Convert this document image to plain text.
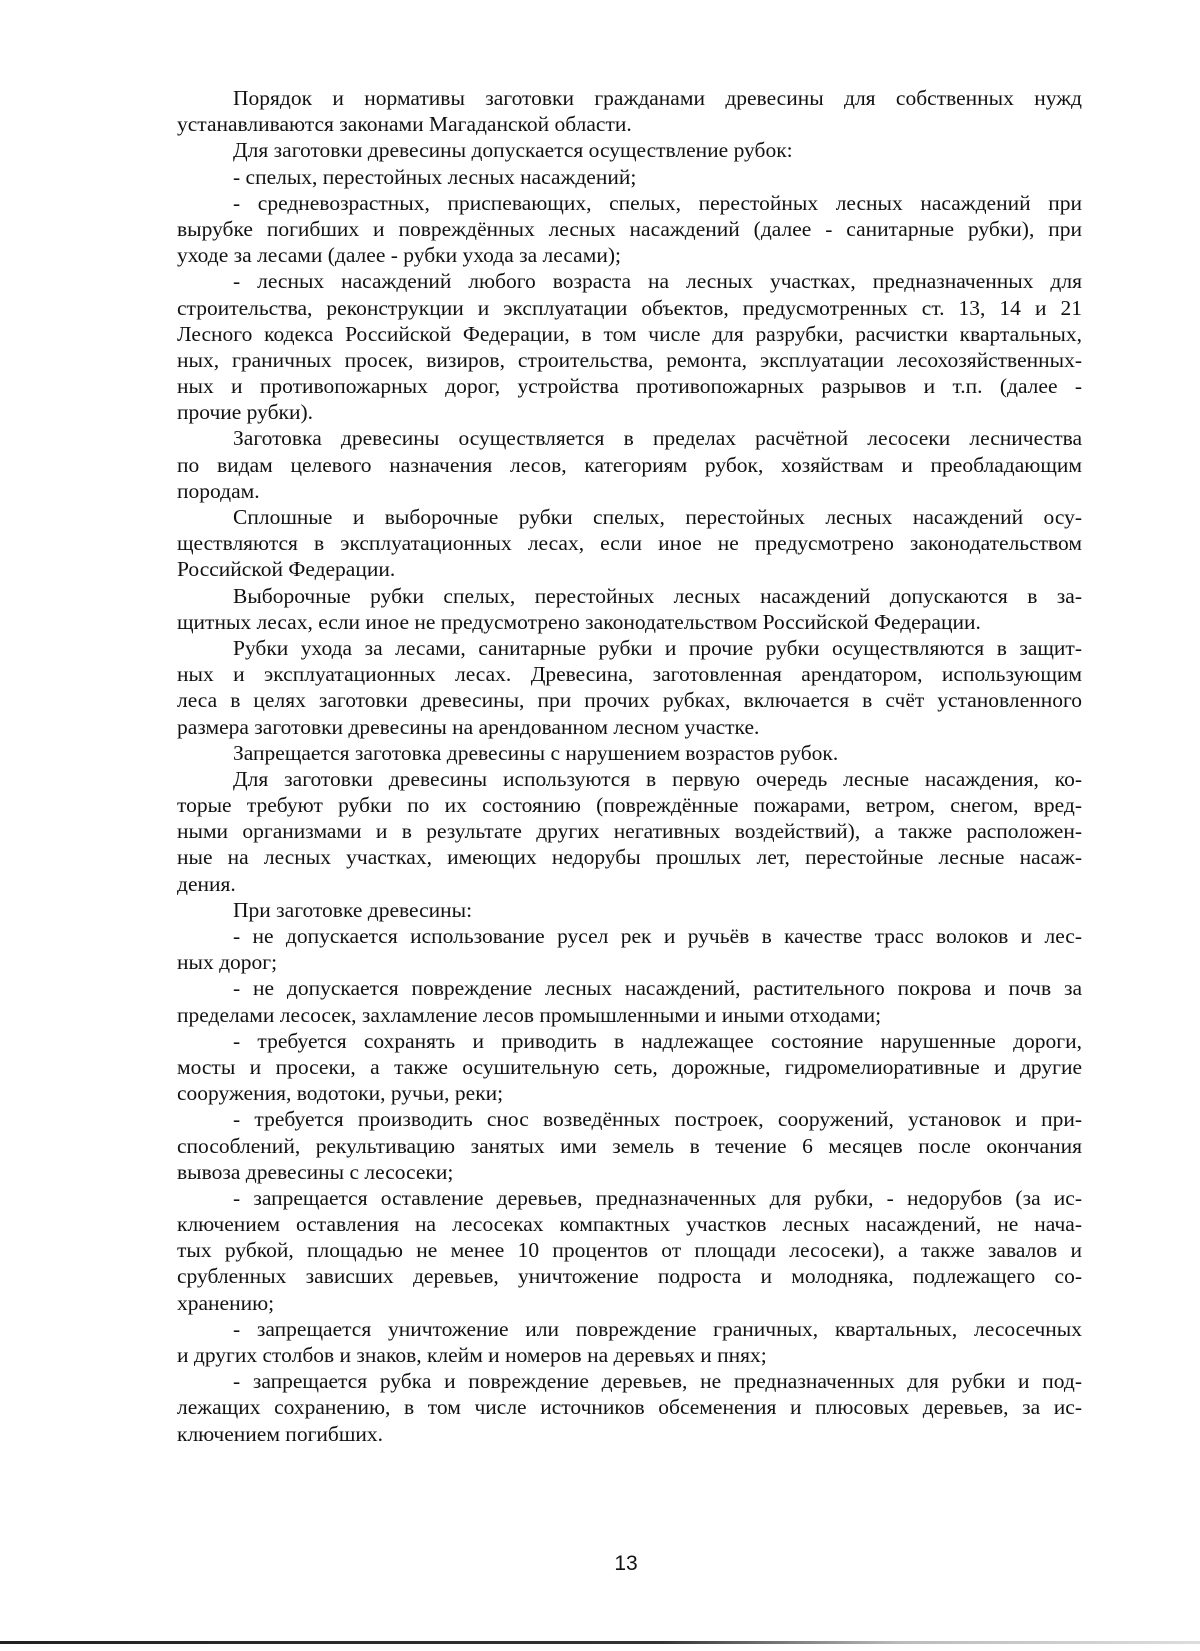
Порядок и нормативы заготовки гражданами древесины для собственных нужд
устанавливаются законами Магаданской области.
Для заготовки древесины допускается осуществление рубок:
- спелых, перестойных лесных насаждений;
- средневозрастных, приспевающих, спелых, перестойных лесных насаждений при
вырубке погибших и повреждённых лесных насаждений (далее - санитарные рубки), при
уходе за лесами (далее - рубки ухода за лесами);
- лесных насаждений любого возраста на лесных участках, предназначенных для
строительства, реконструкции и эксплуатации объектов, предусмотренных ст. 13, 14 и 21
Лесного кодекса Российской Федерации, в том числе для разрубки, расчистки квартальных,
ных, граничных просек, визиров, строительства, ремонта, эксплуатации лесохозяйственных-
ных и противопожарных дорог, устройства противопожарных разрывов и т.п. (далее -
прочие рубки).
Заготовка древесины осуществляется в пределах расчётной лесосеки лесничества
по видам целевого назначения лесов, категориям рубок, хозяйствам и преобладающим
породам.
Сплошные и выборочные рубки спелых, перестойных лесных насаждений осу-
ществляются в эксплуатационных лесах, если иное не предусмотрено законодательством
Российской Федерации.
Выборочные рубки спелых, перестойных лесных насаждений допускаются в за-
щитных лесах, если иное не предусмотрено законодательством Российской Федерации.
Рубки ухода за лесами, санитарные рубки и прочие рубки осуществляются в защит-
ных и эксплуатационных лесах. Древесина, заготовленная арендатором, использующим
леса в целях заготовки древесины, при прочих рубках, включается в счёт установленного
размера заготовки древесины на арендованном лесном участке.
Запрещается заготовка древесины с нарушением возрастов рубок.
Для заготовки древесины используются в первую очередь лесные насаждения, ко-
торые требуют рубки по их состоянию (повреждённые пожарами, ветром, снегом, вред-
ными организмами и в результате других негативных воздействий), а также расположен-
ные на лесных участках, имеющих недорубы прошлых лет, перестойные лесные насаж-
дения.
При заготовке древесины:
- не допускается использование русел рек и ручьёв в качестве трасс волоков и лес-
ных дорог;
- не допускается повреждение лесных насаждений, растительного покрова и почв за
пределами лесосек, захламление лесов промышленными и иными отходами;
- требуется сохранять и приводить в надлежащее состояние нарушенные дороги,
мосты и просеки, а также осушительную сеть, дорожные, гидромелиоративные и другие
сооружения, водотоки, ручьи, реки;
- требуется производить снос возведённых построек, сооружений, установок и при-
способлений, рекультивацию занятых ими земель в течение 6 месяцев после окончания
вывоза древесины с лесосеки;
- запрещается оставление деревьев, предназначенных для рубки, - недорубов (за ис-
ключением оставления на лесосеках компактных участков лесных насаждений, не нача-
тых рубкой, площадью не менее 10 процентов от площади лесосеки), а также завалов и
срубленных зависших деревьев, уничтожение подроста и молодняка, подлежащего со-
хранению;
- запрещается уничтожение или повреждение граничных, квартальных, лесосечных
и других столбов и знаков, клейм и номеров на деревьях и пнях;
- запрещается рубка и повреждение деревьев, не предназначенных для рубки и под-
лежащих сохранению, в том числе источников обсеменения и плюсовых деревьев, за ис-
ключением погибших.
13
